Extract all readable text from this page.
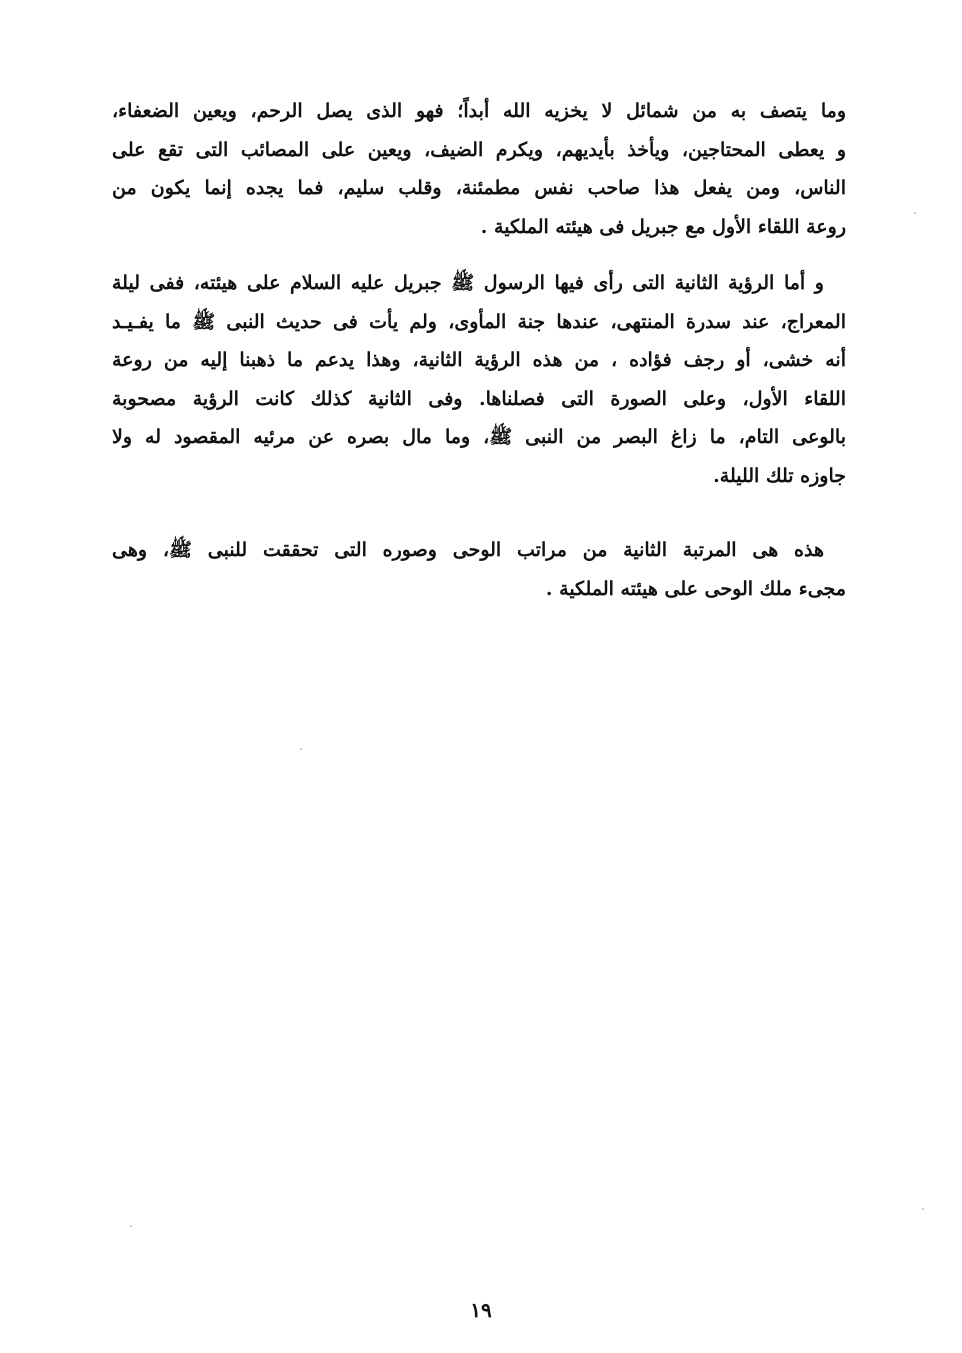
وما يتصف به من شمائل لا يخزيه الله أبداً؛ فهو الذى يصل الرحم، ويعين الضعفاء،
و يعطى المحتاجين، ويأخذ بأيديهم، ويكرم الضيف، ويعين على المصائب التى تقع على
الناس، ومن يفعل هذا صاحب نفس مطمئنة، وقلب سليم، فما يجده إنما يكون من
روعة اللقاء الأول مع جبريل فى هيئته الملكية .
و أما الرؤية الثانية التى رأى فيها الرسول ﷺ جبريل عليه السلام على هيئته، ففى ليلة
المعراج، عند سدرة المنتهى، عندها جنة المأوى، ولم يأت فى حديث النبى ﷺ ما يفـيـد
أنه خشى، أو رجف فؤاده ، من هذه الرؤية الثانية، وهذا يدعم ما ذهبنا إليه من روعة
اللقاء الأول، وعلى الصورة التى فصلناها. وفى الثانية كذلك كانت الرؤية مصحوبة
بالوعى التام، ما زاغ البصر من النبى ﷺ، وما مال بصره عن مرئيه المقصود له ولا
جاوزه تلك الليلة.
هذه هى المرتبة الثانية من مراتب الوحى وصوره التى تحققت للنبى ﷺ، وهى
مجىء ملك الوحى على هيئته الملكية .
١٩
